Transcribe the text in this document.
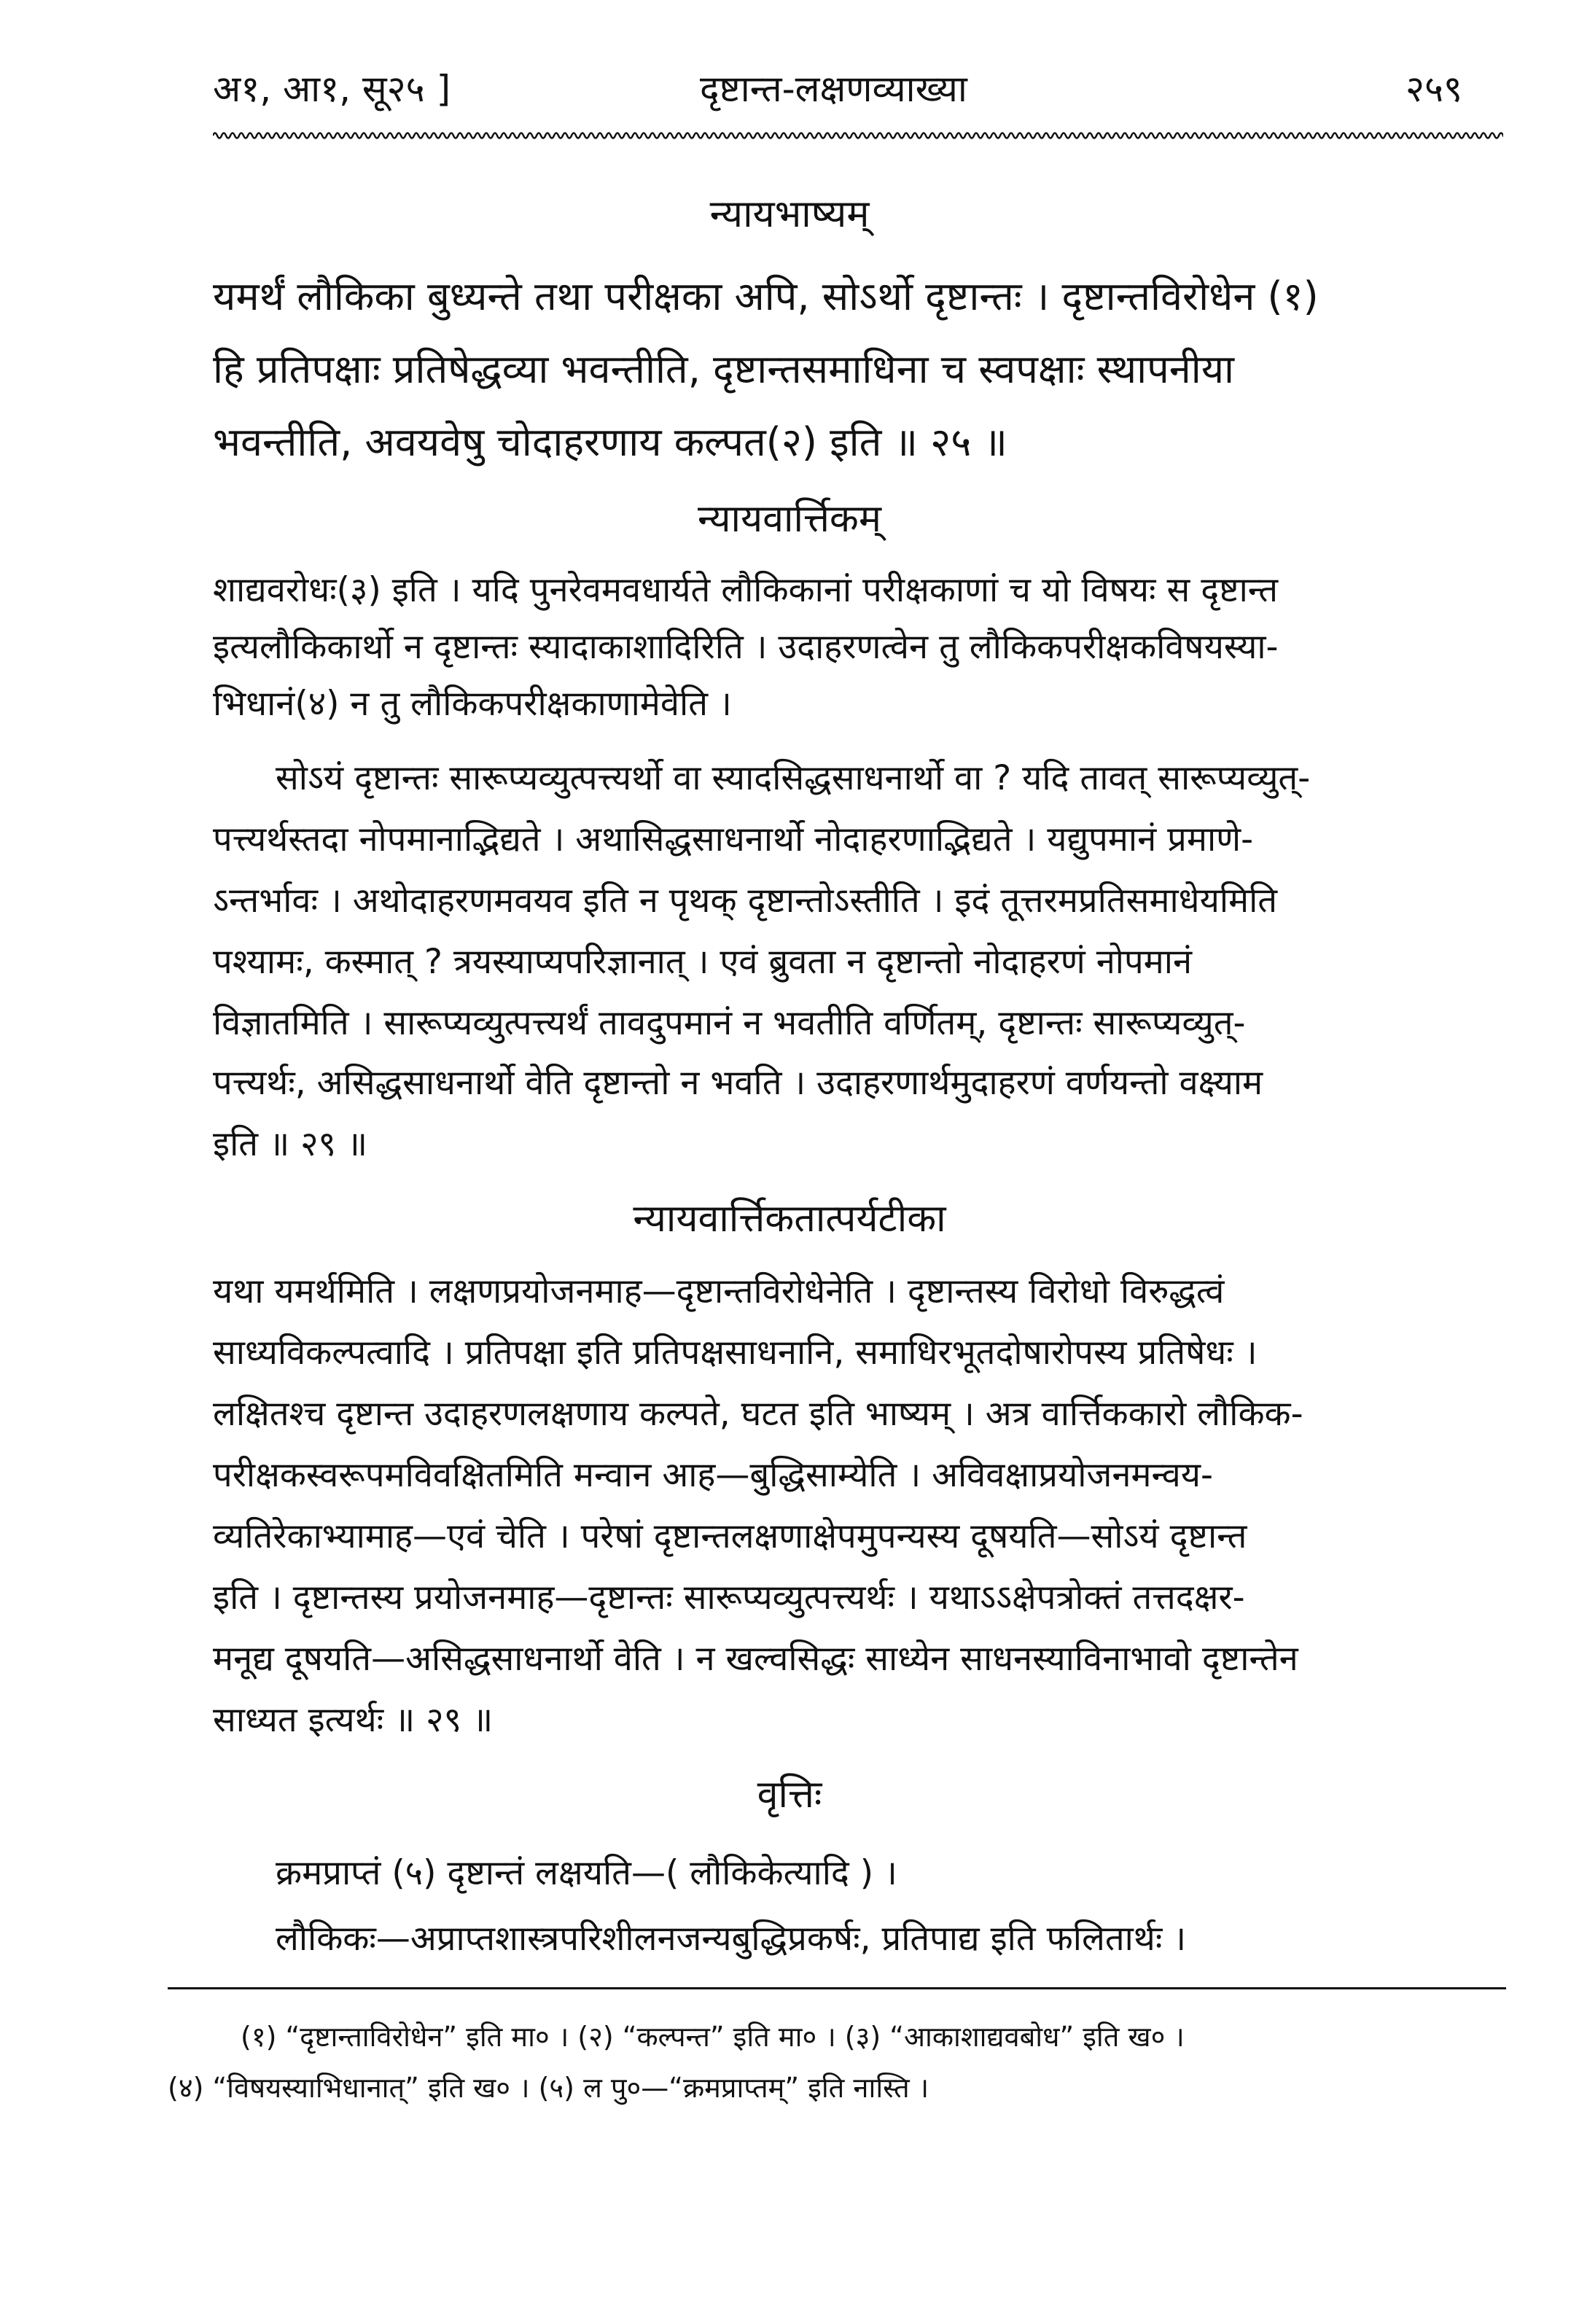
अ१, आ१, सू२५ ]	दृष्टान्त-लक्षणव्याख्या	२५९
न्यायभाष्यम्
यमर्थं लौकिका बुध्यन्ते तथा परीक्षका अपि, सोऽर्थो दृष्टान्तः । दृष्टान्तविरोधेन (१)
हि प्रतिपक्षाः प्रतिषेद्धव्या भवन्तीति, दृष्टान्तसमाधिना च स्वपक्षाः स्थापनीया
भवन्तीति, अवयवेषु चोदाहरणाय कल्पत(२) इति ॥ २५ ॥
न्यायवार्त्तिकम्
शाद्यवरोधः(३) इति । यदि पुनरेवमवधार्यते लौकिकानां परीक्षकाणां च यो विषयः स दृष्टान्त
इत्यलौकिकार्थो न दृष्टान्तः स्यादाकाशादिरिति । उदाहरणत्वेन तु लौकिकपरीक्षकविषयस्या-
भिधानं(४) न तु लौकिकपरीक्षकाणामेवेति ।
सोऽयं दृष्टान्तः सारूप्यव्युत्पत्त्यर्थो वा स्यादसिद्धसाधनार्थो वा ? यदि तावत् सारूप्यव्युत्-
पत्त्यर्थस्तदा नोपमानाद्भिद्यते । अथासिद्धसाधनार्थो नोदाहरणाद्भिद्यते । यद्युपमानं प्रमाणे-
ऽन्तर्भावः । अथोदाहरणमवयव इति न पृथक् दृष्टान्तोऽस्तीति । इदं तूत्तरमप्रतिसमाधेयमिति
पश्यामः, कस्मात् ? त्रयस्याप्यपरिज्ञानात् । एवं ब्रुवता न दृष्टान्तो नोदाहरणं नोपमानं
विज्ञातमिति । सारूप्यव्युत्पत्त्यर्थं तावदुपमानं न भवतीति वर्णितम्, दृष्टान्तः सारूप्यव्युत्-
पत्त्यर्थः, असिद्धसाधनार्थो वेति दृष्टान्तो न भवति । उदाहरणार्थमुदाहरणं वर्णयन्तो वक्ष्याम
इति ॥ २९ ॥
न्यायवार्त्तिकतात्पर्यटीका
यथा यमर्थमिति । लक्षणप्रयोजनमाह—दृष्टान्तविरोधेनेति । दृष्टान्तस्य विरोधो विरुद्धत्वं
साध्यविकल्पत्वादि । प्रतिपक्षा इति प्रतिपक्षसाधनानि, समाधिरभूतदोषारोपस्य प्रतिषेधः ।
लक्षितश्च दृष्टान्त उदाहरणलक्षणाय कल्पते, घटत इति भाष्यम् । अत्र वार्त्तिककारो लौकिक-
परीक्षकस्वरूपमविवक्षितमिति मन्वान आह—बुद्धिसाम्येति । अविवक्षाप्रयोजनमन्वय-
व्यतिरेकाभ्यामाह—एवं चेति । परेषां दृष्टान्तलक्षणाक्षेपमुपन्यस्य दूषयति—सोऽयं दृष्टान्त
इति । दृष्टान्तस्य प्रयोजनमाह—दृष्टान्तः सारूप्यव्युत्पत्त्यर्थः । यथाऽऽक्षेपत्रोक्तं तत्तदक्षर-
मनूद्य दूषयति—असिद्धसाधनार्थो वेति । न खल्वसिद्धः साध्येन साधनस्याविनाभावो दृष्टान्तेन
साध्यत इत्यर्थः ॥ २९ ॥
वृत्तिः
क्रमप्राप्तं (५) दृष्टान्तं लक्षयति—( लौकिकेत्यादि ) ।
लौकिकः—अप्राप्तशास्त्रपरिशीलनजन्यबुद्धिप्रकर्षः, प्रतिपाद्य इति फलितार्थः ।
(१) “दृष्टान्ताविरोधेन” इति मा० । (२) “कल्पन्त” इति मा० । (३) “आकाशाद्यवबोध” इति ख० ।
(४) “विषयस्याभिधानात्” इति ख० । (५) ल पु०—“क्रमप्राप्तम्” इति नास्ति ।
